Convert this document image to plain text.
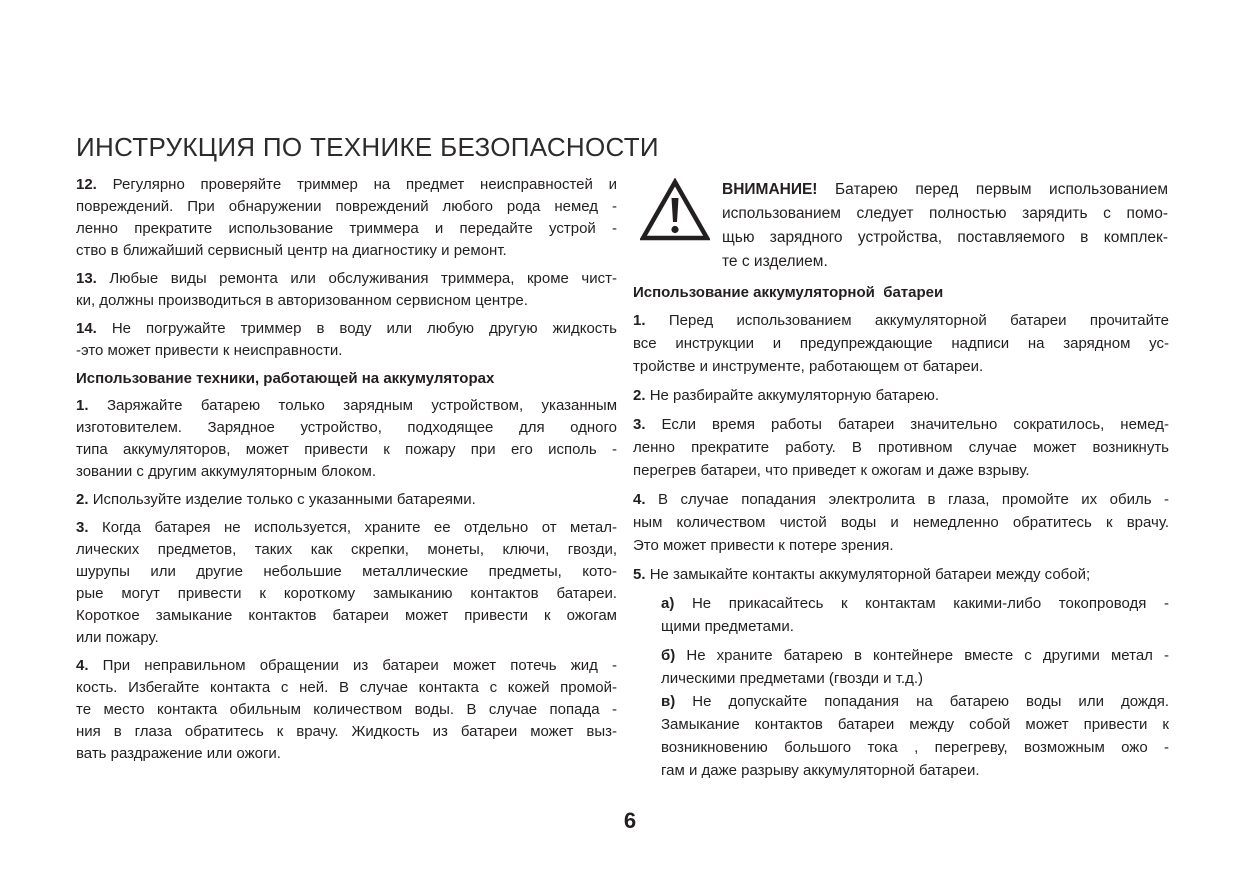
ИНСТРУКЦИЯ ПО ТЕХНИКЕ БЕЗОПАСНОСТИ
12. Регулярно проверяйте триммер на предмет неисправностей и
повреждений. При обнаружении повреждений любого рода немед -
ленно прекратите использование триммера и передайте устрой -
ство в ближайший сервисный центр на диагностику и ремонт.
13. Любые виды ремонта или обслуживания триммера, кроме чист-
ки, должны производиться в авторизованном сервисном центре.
14. Не погружайте триммер в воду или любую другую жидкость
-это может привести к неисправности.
Использование техники, работающей на аккумуляторах
1. Заряжайте батарею только зарядным устройством, указанным
изготовителем. Зарядное устройство, подходящее для одного
типа аккумуляторов, может привести к пожару при его исполь -
зовании с другим аккумуляторным блоком.
2. Используйте изделие только с указанными батареями.
3. Когда батарея не используется, храните ее отдельно от метал-
лических предметов, таких как скрепки, монеты, ключи, гвозди,
шурупы или другие небольшие металлические предметы, кото-
рые могут привести к короткому замыканию контактов батареи.
Короткое замыкание контактов батареи может привести к ожогам
или пожару.
4. При неправильном обращении из батареи может потечь жид -
кость. Избегайте контакта с ней. В случае контакта с кожей промой-
те место контакта обильным количеством воды. В случае попада -
ния в глаза обратитесь к врачу. Жидкость из батареи может выз-
вать раздражение или ожоги.
ВНИМАНИЕ! Батарею перед первым использованием
использованием следует полностью зарядить с помо-
щью зарядного устройства, поставляемого в комплек-
те с изделием.
Использование аккумуляторной  батареи
1. Перед использованием аккумуляторной батареи прочитайте
все инструкции и предупреждающие надписи на зарядном ус-
тройстве и инструменте, работающем от батареи.
2. Не разбирайте аккумуляторную батарею.
3. Если время работы батареи значительно сократилось, немед-
ленно прекратите работу. В противном случае может возникнуть
перегрев батареи, что приведет к ожогам и даже взрыву.
4. В случае попадания электролита в глаза, промойте их обиль -
ным количеством чистой воды и немедленно обратитесь к врачу.
Это может привести к потере зрения.
5. Не замыкайте контакты аккумуляторной батареи между собой;
а) Не прикасайтесь к контактам какими-либо токопроводя -
щими предметами.
б) Не храните батарею в контейнере вместе с другими метал -
лическими предметами (гвозди и т.д.)
в) Не допускайте попадания на батарею воды или дождя.
Замыкание контактов батареи между собой может привести к
возникновению большого тока , перегреву, возможным ожо -
гам и даже разрыву аккумуляторной батареи.
6
